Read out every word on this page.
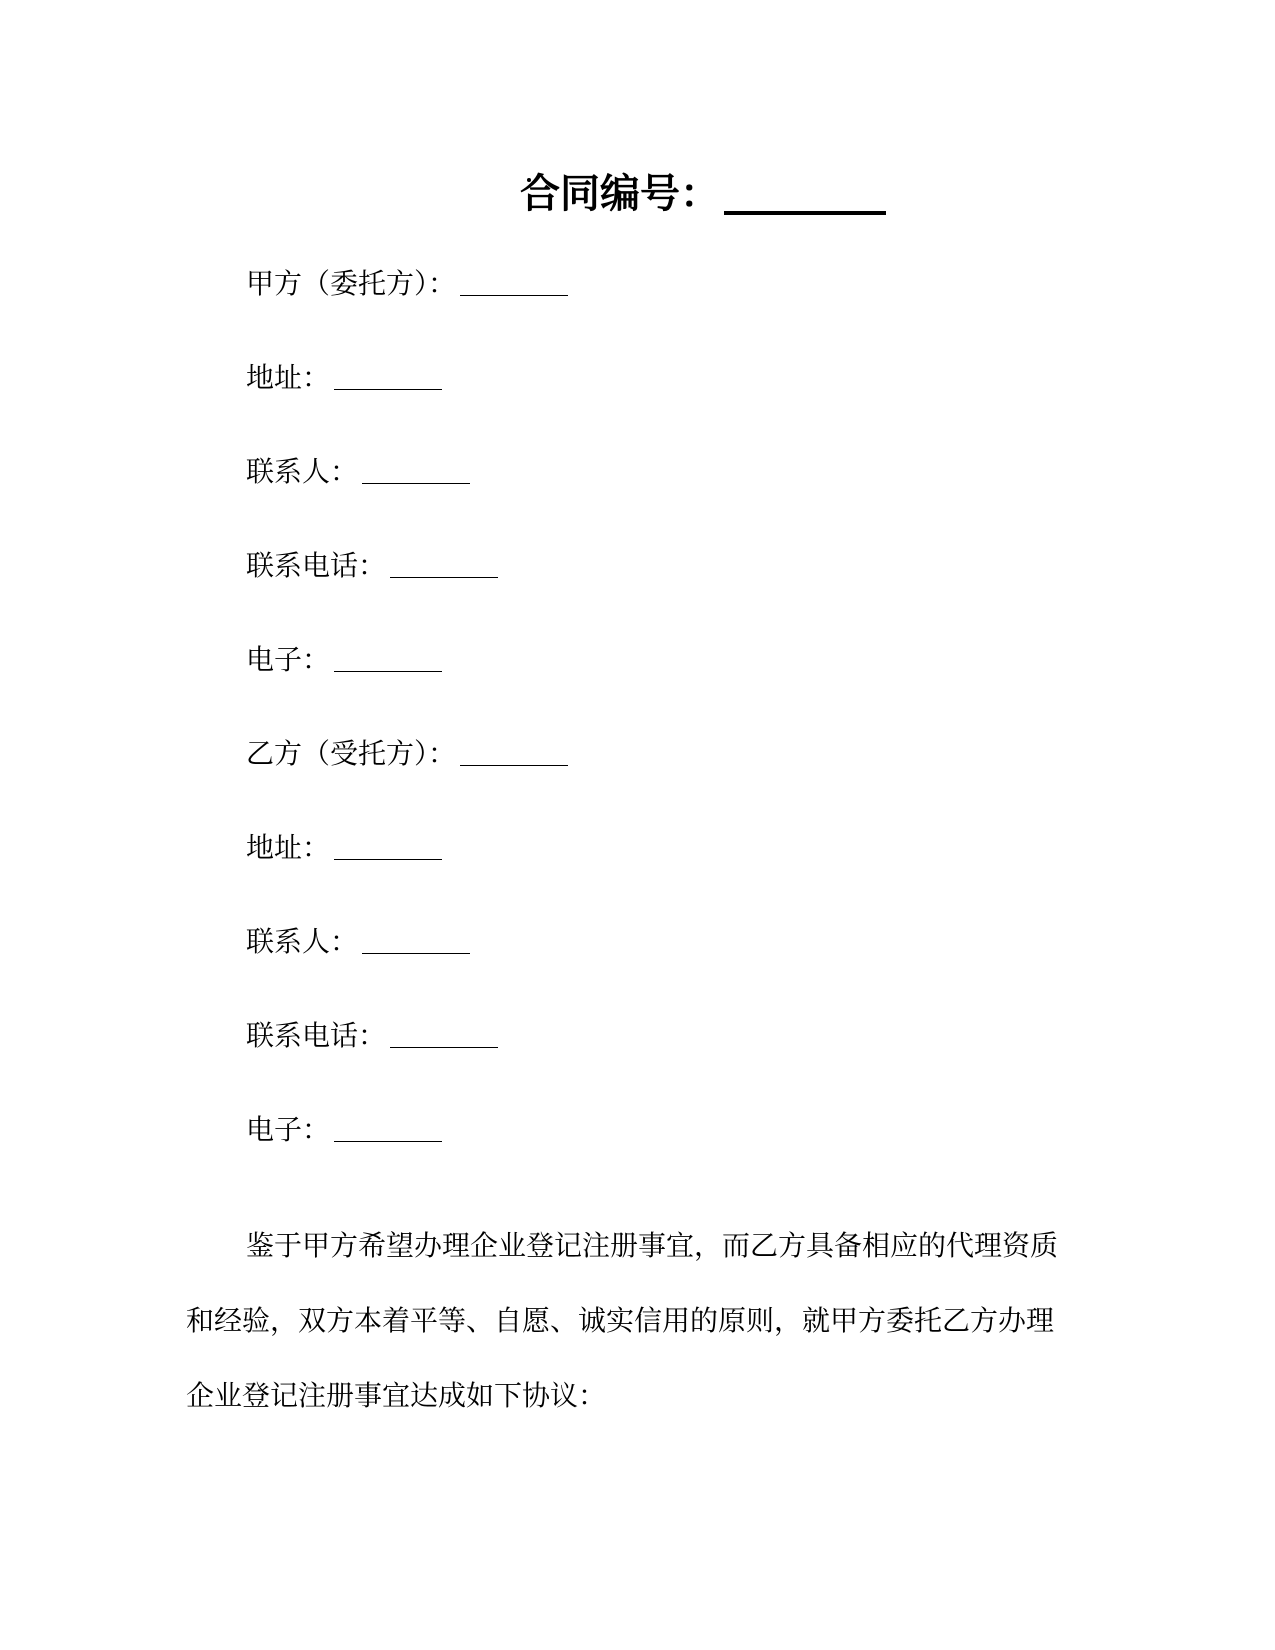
合同编号：
甲方（委托方）：
地址：
联系人：
联系电话：
电子：
乙方（受托方）：
地址：
联系人：
联系电话：
电子：

鉴于甲方希望办理企业登记注册事宜，而乙方具备相应的代理资质和经验，双方本着平等、自愿、诚实信用的原则，就甲方委托乙方办理企业登记注册事宜达成如下协议：
